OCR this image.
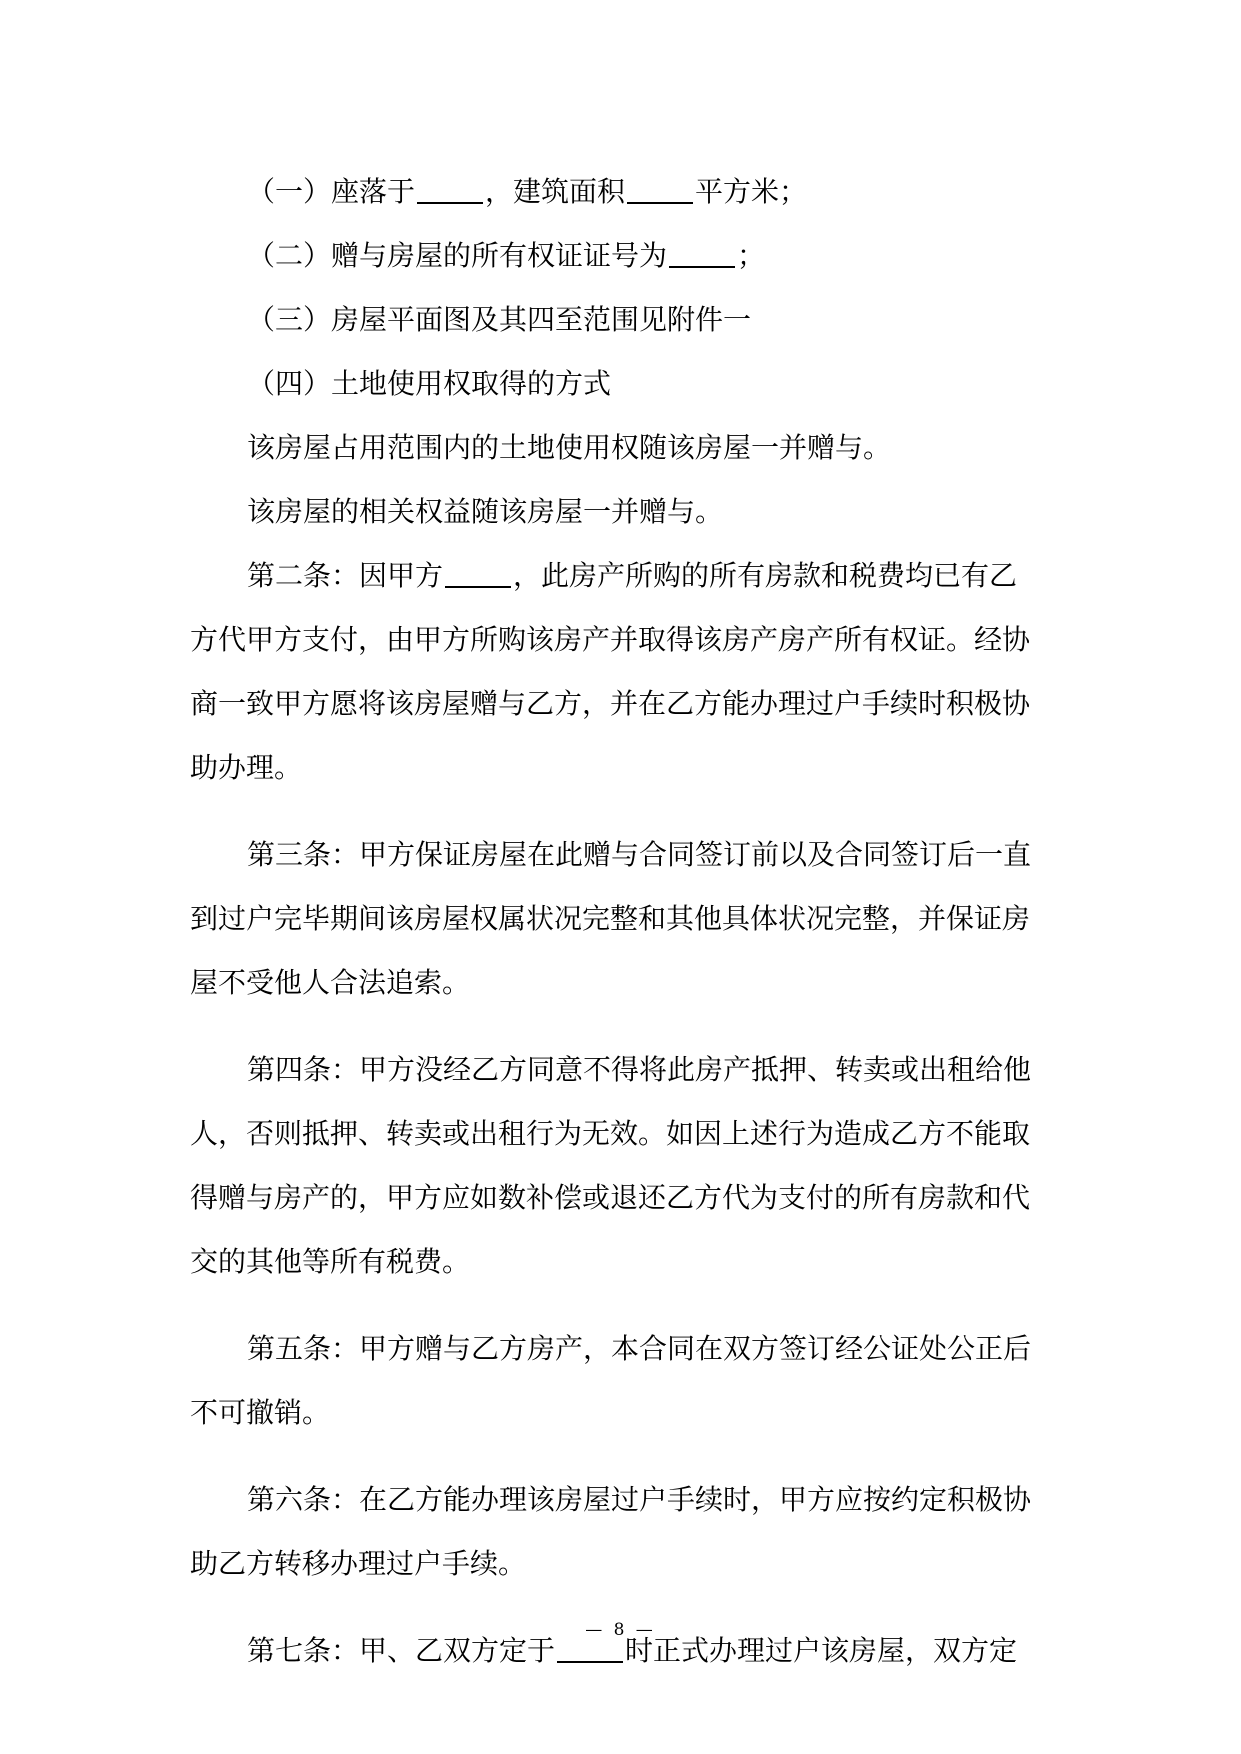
（一）座落于	，建筑面积	平方米；
（二）赠与房屋的所有权证证号为	；
（三）房屋平面图及其四至范围见附件一
（四）土地使用权取得的方式
该房屋占用范围内的土地使用权随该房屋一并赠与。
该房屋的相关权益随该房屋一并赠与。
第二条：因甲方	，此房产所购的所有房款和税费均已有乙
方代甲方支付，由甲方所购该房产并取得该房产房产所有权证。经协
商一致甲方愿将该房屋赠与乙方，并在乙方能办理过户手续时积极协
助办理。
第三条：甲方保证房屋在此赠与合同签订前以及合同签订后一直
到过户完毕期间该房屋权属状况完整和其他具体状况完整，并保证房
屋不受他人合法追索。
第四条：甲方没经乙方同意不得将此房产抵押、转卖或出租给他
人，否则抵押、转卖或出租行为无效。如因上述行为造成乙方不能取
得赠与房产的，甲方应如数补偿或退还乙方代为支付的所有房款和代
交的其他等所有税费。
第五条：甲方赠与乙方房产，本合同在双方签订经公证处公正后
不可撤销。
第六条：在乙方能办理该房屋过户手续时，甲方应按约定积极协
助乙方转移办理过户手续。
第七条：甲、乙双方定于	时正式办理过户该房屋，双方定
— 8 —
